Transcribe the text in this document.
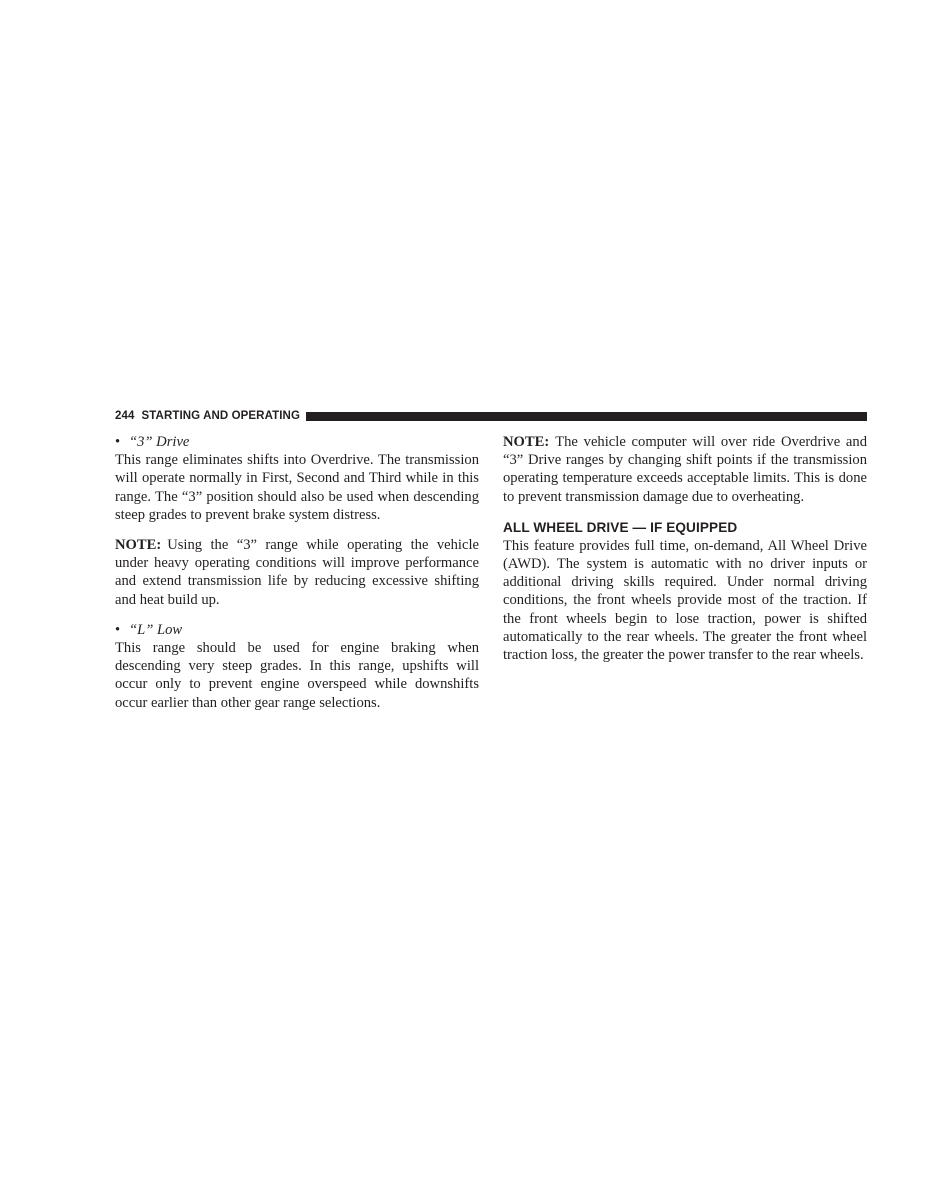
244 STARTING AND OPERATING
• “3” Drive

This range eliminates shifts into Overdrive. The transmission will operate normally in First, Second and Third while in this range. The “3” position should also be used when descending steep grades to prevent brake system distress.

NOTE: Using the “3” range while operating the vehicle under heavy operating conditions will improve performance and extend transmission life by reducing excessive shifting and heat build up.

• “L” Low

This range should be used for engine braking when descending very steep grades. In this range, upshifts will occur only to prevent engine overspeed while downshifts occur earlier than other gear range selections.

NOTE: The vehicle computer will over ride Overdrive and “3” Drive ranges by changing shift points if the transmission operating temperature exceeds acceptable limits. This is done to prevent transmission damage due to overheating.

ALL WHEEL DRIVE — IF EQUIPPED

This feature provides full time, on-demand, All Wheel Drive (AWD). The system is automatic with no driver inputs or additional driving skills required. Under normal driving conditions, the front wheels provide most of the traction. If the front wheels begin to lose traction, power is shifted automatically to the rear wheels. The greater the front wheel traction loss, the greater the power transfer to the rear wheels.
